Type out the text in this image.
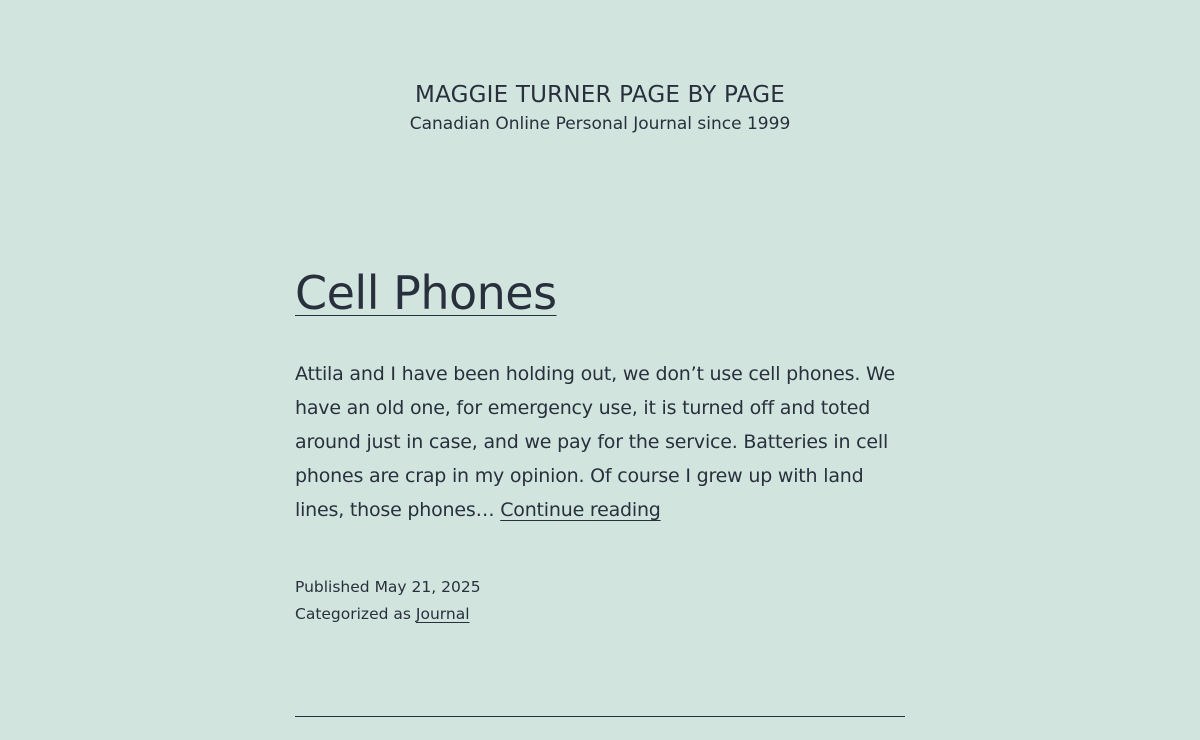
MAGGIE TURNER PAGE BY PAGE
Canadian Online Personal Journal since 1999
Cell Phones

Attila and I have been holding out, we don’t use cell phones. We have an old one, for emergency use, it is turned off and toted around just in case, and we pay for the service. Batteries in cell phones are crap in my opinion. Of course I grew up with land lines, those phones… Continue reading

Published May 21, 2025
Categorized as Journal
